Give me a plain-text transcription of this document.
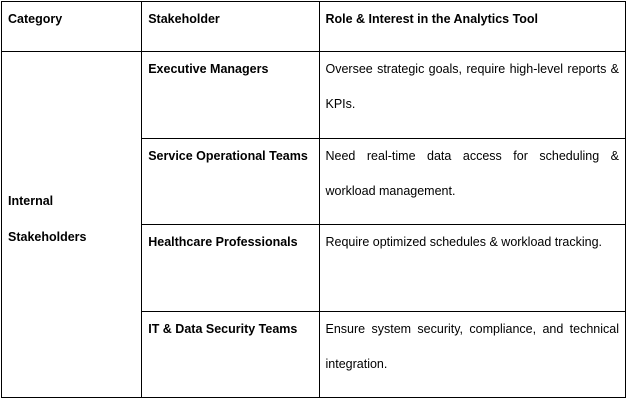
Category	Stakeholder	Role & Interest in the Analytics Tool

Internal
Stakeholders	Executive Managers	Oversee strategic goals, require high-level reports & KPIs.

	Service Operational Teams	Need real-time data access for scheduling & workload management.

	Healthcare Professionals	Require optimized schedules & workload tracking.

	IT & Data Security Teams	Ensure system security, compliance, and technical integration.
